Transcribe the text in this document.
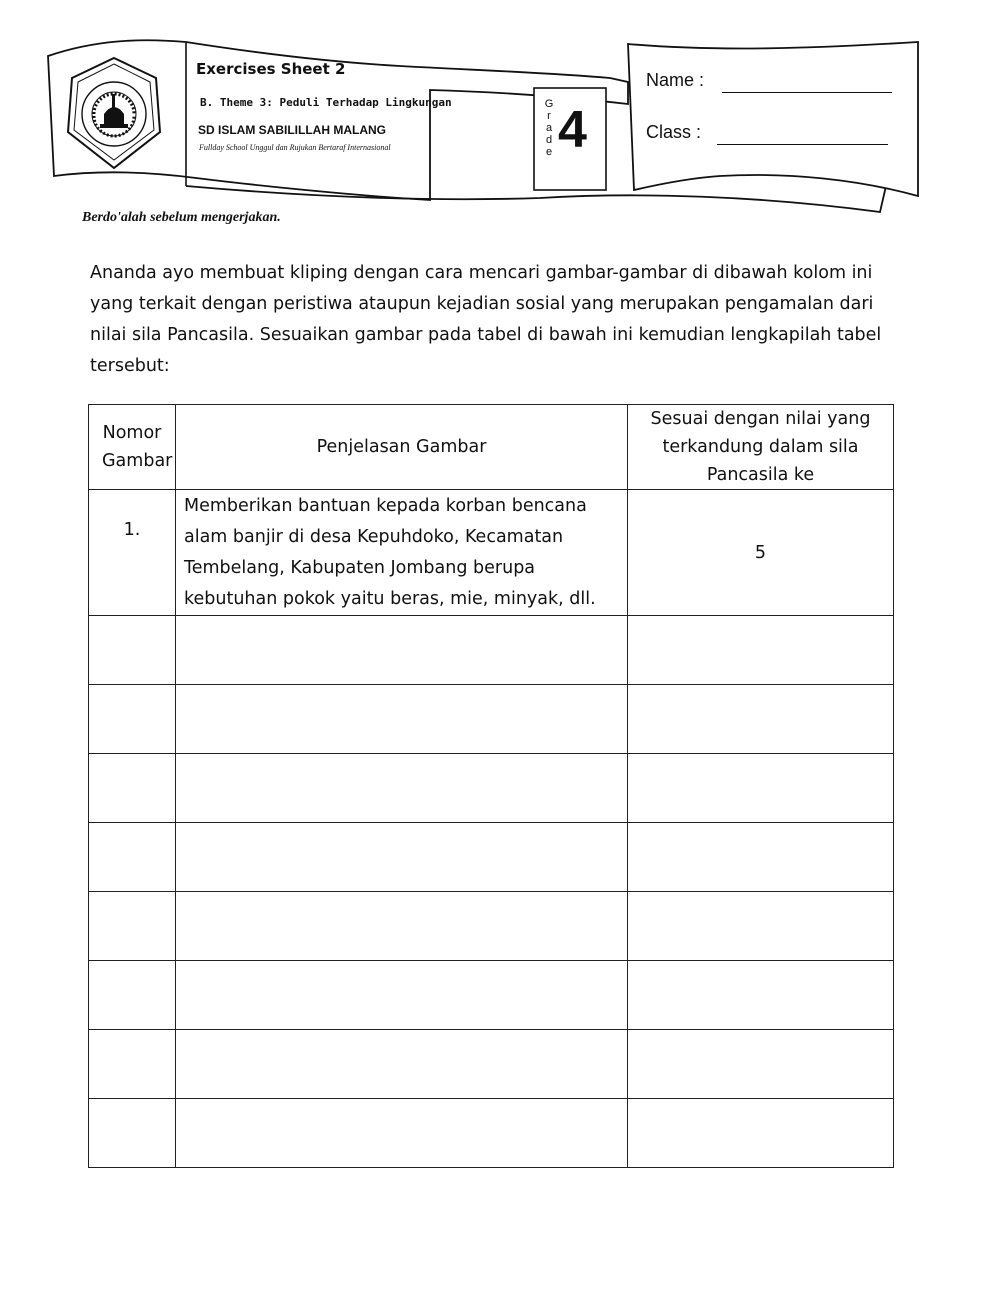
Exercises Sheet 2
B. Theme 3: Peduli Terhadap Lingkungan
SD ISLAM SABILILLAH MALANG
Fullday School Unggul dan Rujukan Bertaraf Internasional
G
r
a
d
e 4
Name :
Class :
Berdo'alah sebelum mengerjakan.
Ananda ayo membuat kliping dengan cara mencari gambar-gambar di dibawah kolom ini yang terkait dengan peristiwa ataupun kejadian sosial yang merupakan pengamalan dari nilai sila Pancasila. Sesuaikan gambar pada tabel di bawah ini kemudian lengkapilah tabel tersebut:
Nomor Gambar	Penjelasan Gambar	Sesuai dengan nilai yang terkandung dalam sila Pancasila ke

1.	Memberikan bantuan kepada korban bencana alam banjir di desa Kepuhdoko, Kecamatan Tembelang, Kabupaten Jombang berupa kebutuhan pokok yaitu beras, mie, minyak, dll.	5
